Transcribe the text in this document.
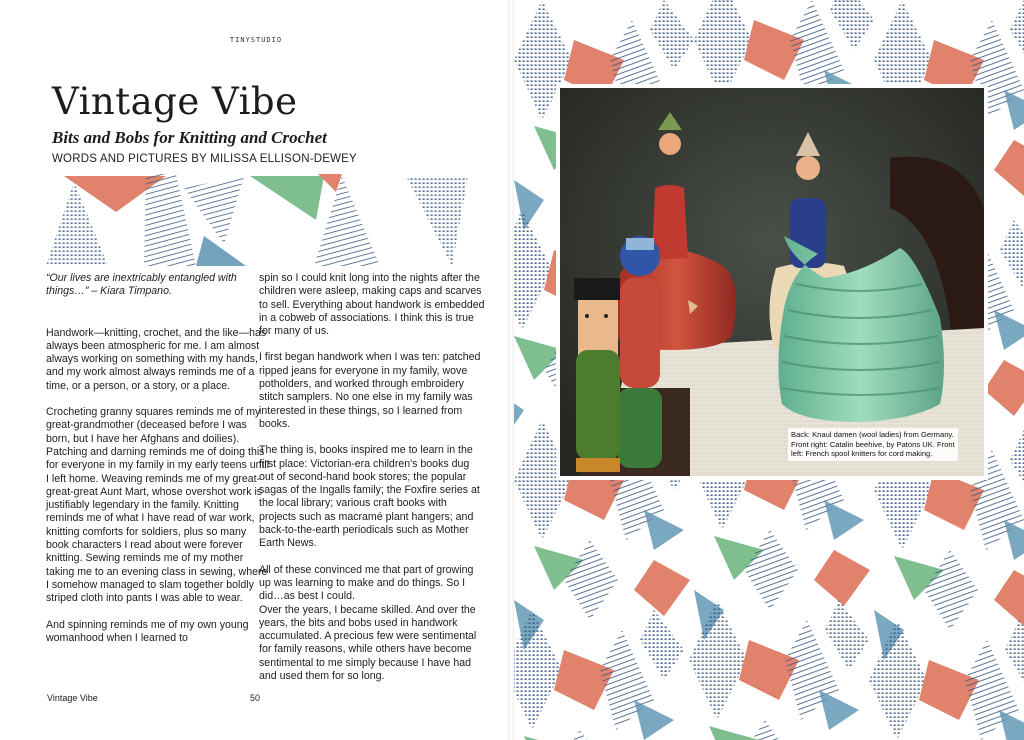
TINYSTUDIO
Vintage Vibe
Bits and Bobs for Knitting and Crochet
WORDS AND PICTURES BY MILISSA ELLISON-DEWEY

“Our lives are inextricably entangled with things…” – Kiara Timpano.

Handwork—knitting, crochet, and the like—has always been atmospheric for me. I am almost always working on something with my hands, and my work almost always reminds me of a time, or a person, or a story, or a place.

Crocheting granny squares reminds me of my great-grandmother (deceased before I was born, but I have her Afghans and doilies). Patching and darning reminds me of doing this for everyone in my family in my early teens until I left home. Weaving reminds me of my great-great-great Aunt Mart, whose overshot work is justifiably legendary in the family. Knitting reminds me of what I have read of war work, knitting comforts for soldiers, plus so many book characters I read about were forever knitting. Sewing reminds me of my mother taking me to an evening class in sewing, where I somehow managed to slam together boldly striped cloth into pants I was able to wear.

And spinning reminds me of my own young womanhood when I learned to

spin so I could knit long into the nights after the children were asleep, making caps and scarves to sell. Everything about handwork is embedded in a cobweb of associations. I think this is true for many of us.

I first began handwork when I was ten: patched ripped jeans for everyone in my family, wove potholders, and worked through embroidery stitch samplers. No one else in my family was interested in these things, so I learned from books.

The thing is, books inspired me to learn in the first place: Victorian-era children's books dug out of second-hand book stores; the popular sagas of the Ingalls family; the Foxfire series at the local library; various craft books with projects such as macramé plant hangers; and back-to-the-earth periodicals such as Mother Earth News.

All of these convinced me that part of growing up was learning to make and do things. So I did…as best I could.

Over the years, I became skilled. And over the years, the bits and bobs used in handwork accumulated. A precious few were sentimental for family reasons, while others have become sentimental to me simply because I have had and used them for so long.

Vintage Vibe	50
Back: Knaul damen (wool ladies) from Germany. Front right: Catalin beehive, by Patons UK. Front left: French spool knitters for cord making.
